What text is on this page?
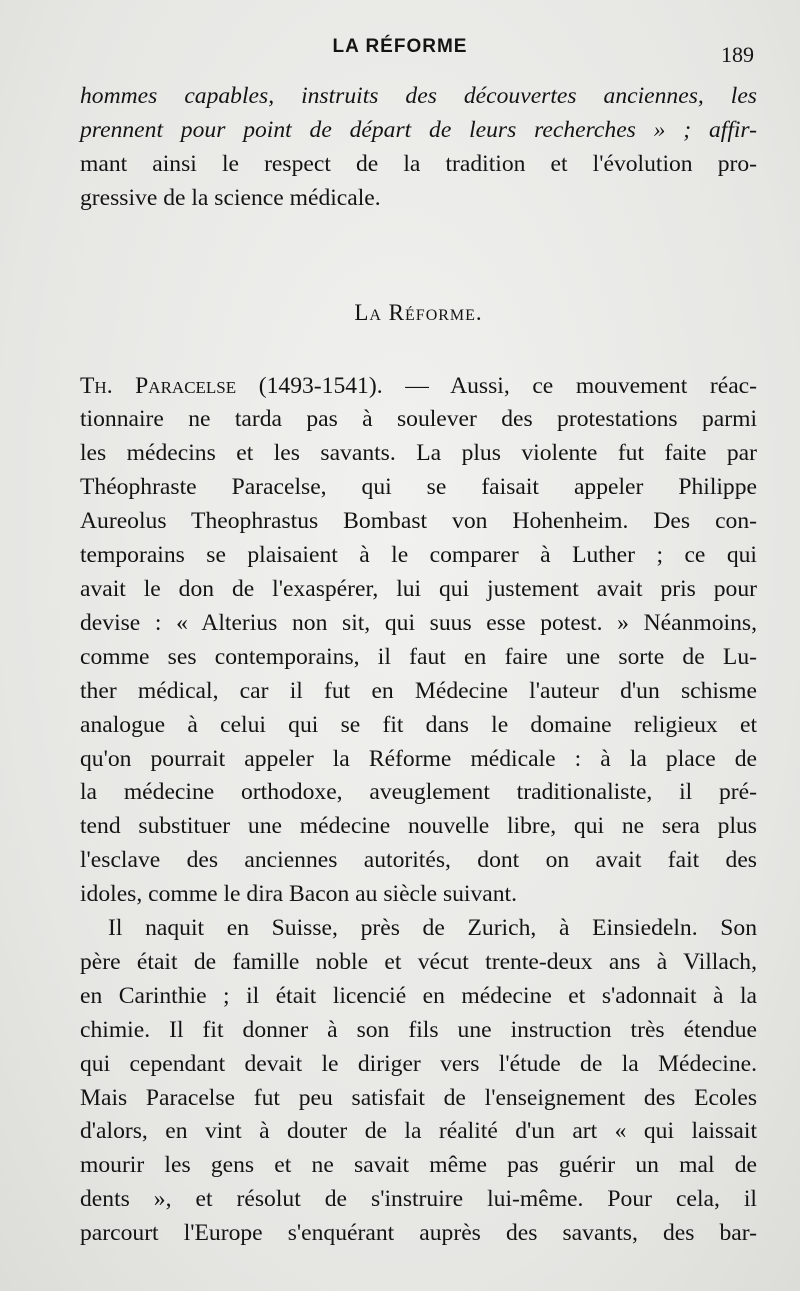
LA RÉFORME	189
hommes capables, instruits des découvertes anciennes, les
prennent pour point de départ de leurs recherches » ; affir-
mant ainsi le respect de la tradition et l'évolution pro-
gressive de la science médicale.
La Réforme.
Th. Paracelse (1493-1541). — Aussi, ce mouvement réac-
tionnaire ne tarda pas à soulever des protestations parmi
les médecins et les savants. La plus violente fut faite par
Théophraste Paracelse, qui se faisait appeler Philippe
Aureolus Theophrastus Bombast von Hohenheim. Des con-
temporains se plaisaient à le comparer à Luther ; ce qui
avait le don de l'exaspérer, lui qui justement avait pris pour
devise : « Alterius non sit, qui suus esse potest. » Néanmoins,
comme ses contemporains, il faut en faire une sorte de Lu-
ther médical, car il fut en Médecine l'auteur d'un schisme
analogue à celui qui se fit dans le domaine religieux et
qu'on pourrait appeler la Réforme médicale : à la place de
la médecine orthodoxe, aveuglement traditionaliste, il pré-
tend substituer une médecine nouvelle libre, qui ne sera plus
l'esclave des anciennes autorités, dont on avait fait des
idoles, comme le dira Bacon au siècle suivant.
Il naquit en Suisse, près de Zurich, à Einsiedeln. Son
père était de famille noble et vécut trente-deux ans à Villach,
en Carinthie ; il était licencié en médecine et s'adonnait à la
chimie. Il fit donner à son fils une instruction très étendue
qui cependant devait le diriger vers l'étude de la Médecine.
Mais Paracelse fut peu satisfait de l'enseignement des Ecoles
d'alors, en vint à douter de la réalité d'un art « qui laissait
mourir les gens et ne savait même pas guérir un mal de
dents », et résolut de s'instruire lui-même. Pour cela, il
parcourt l'Europe s'enquérant auprès des savants, des bar-
